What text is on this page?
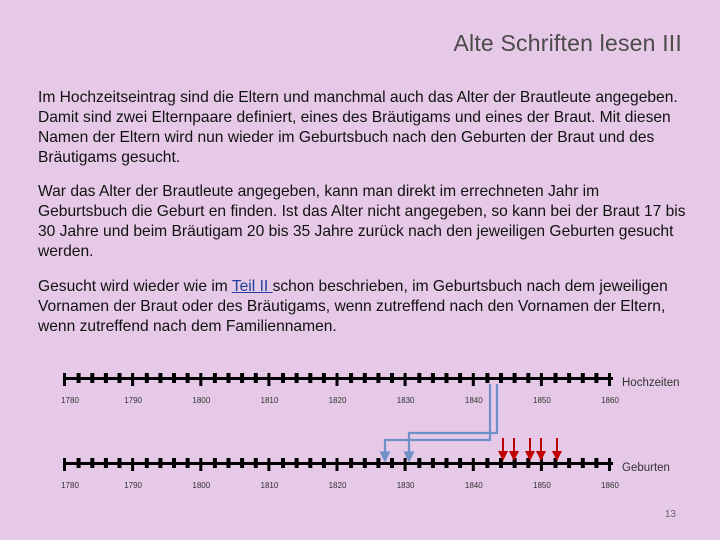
Alte Schriften lesen III
Im Hochzeitseintrag sind die Eltern und manchmal auch das Alter der Brautleute angegeben. Damit sind zwei Elternpaare definiert, eines des Bräutigams und eines der Braut. Mit diesen Namen der Eltern wird nun wieder im Geburtsbuch nach den Geburten der Braut und des Bräutigams gesucht.
War das Alter der Brautleute angegeben, kann man direkt im errechneten Jahr im Geburtsbuch die Geburt en finden. Ist das Alter nicht angegeben, so kann bei der Braut 17 bis 30 Jahre und beim Bräutigam 20 bis 35 Jahre zurück nach den jeweiligen Geburten gesucht werden.
Gesucht wird wieder wie im Teil II schon beschrieben, im Geburtsbuch nach dem jeweiligen Vornamen der Braut oder des Bräutigams, wenn zutreffend nach den Vornamen der Eltern, wenn zutreffend nach dem Familiennamen.
1780	1790	1800	1810	1820	1830	1840	1850	1860
Hochzeiten
1780	1790	1800	1810	1820	1830	1840	1850	1860
Geburten
13
